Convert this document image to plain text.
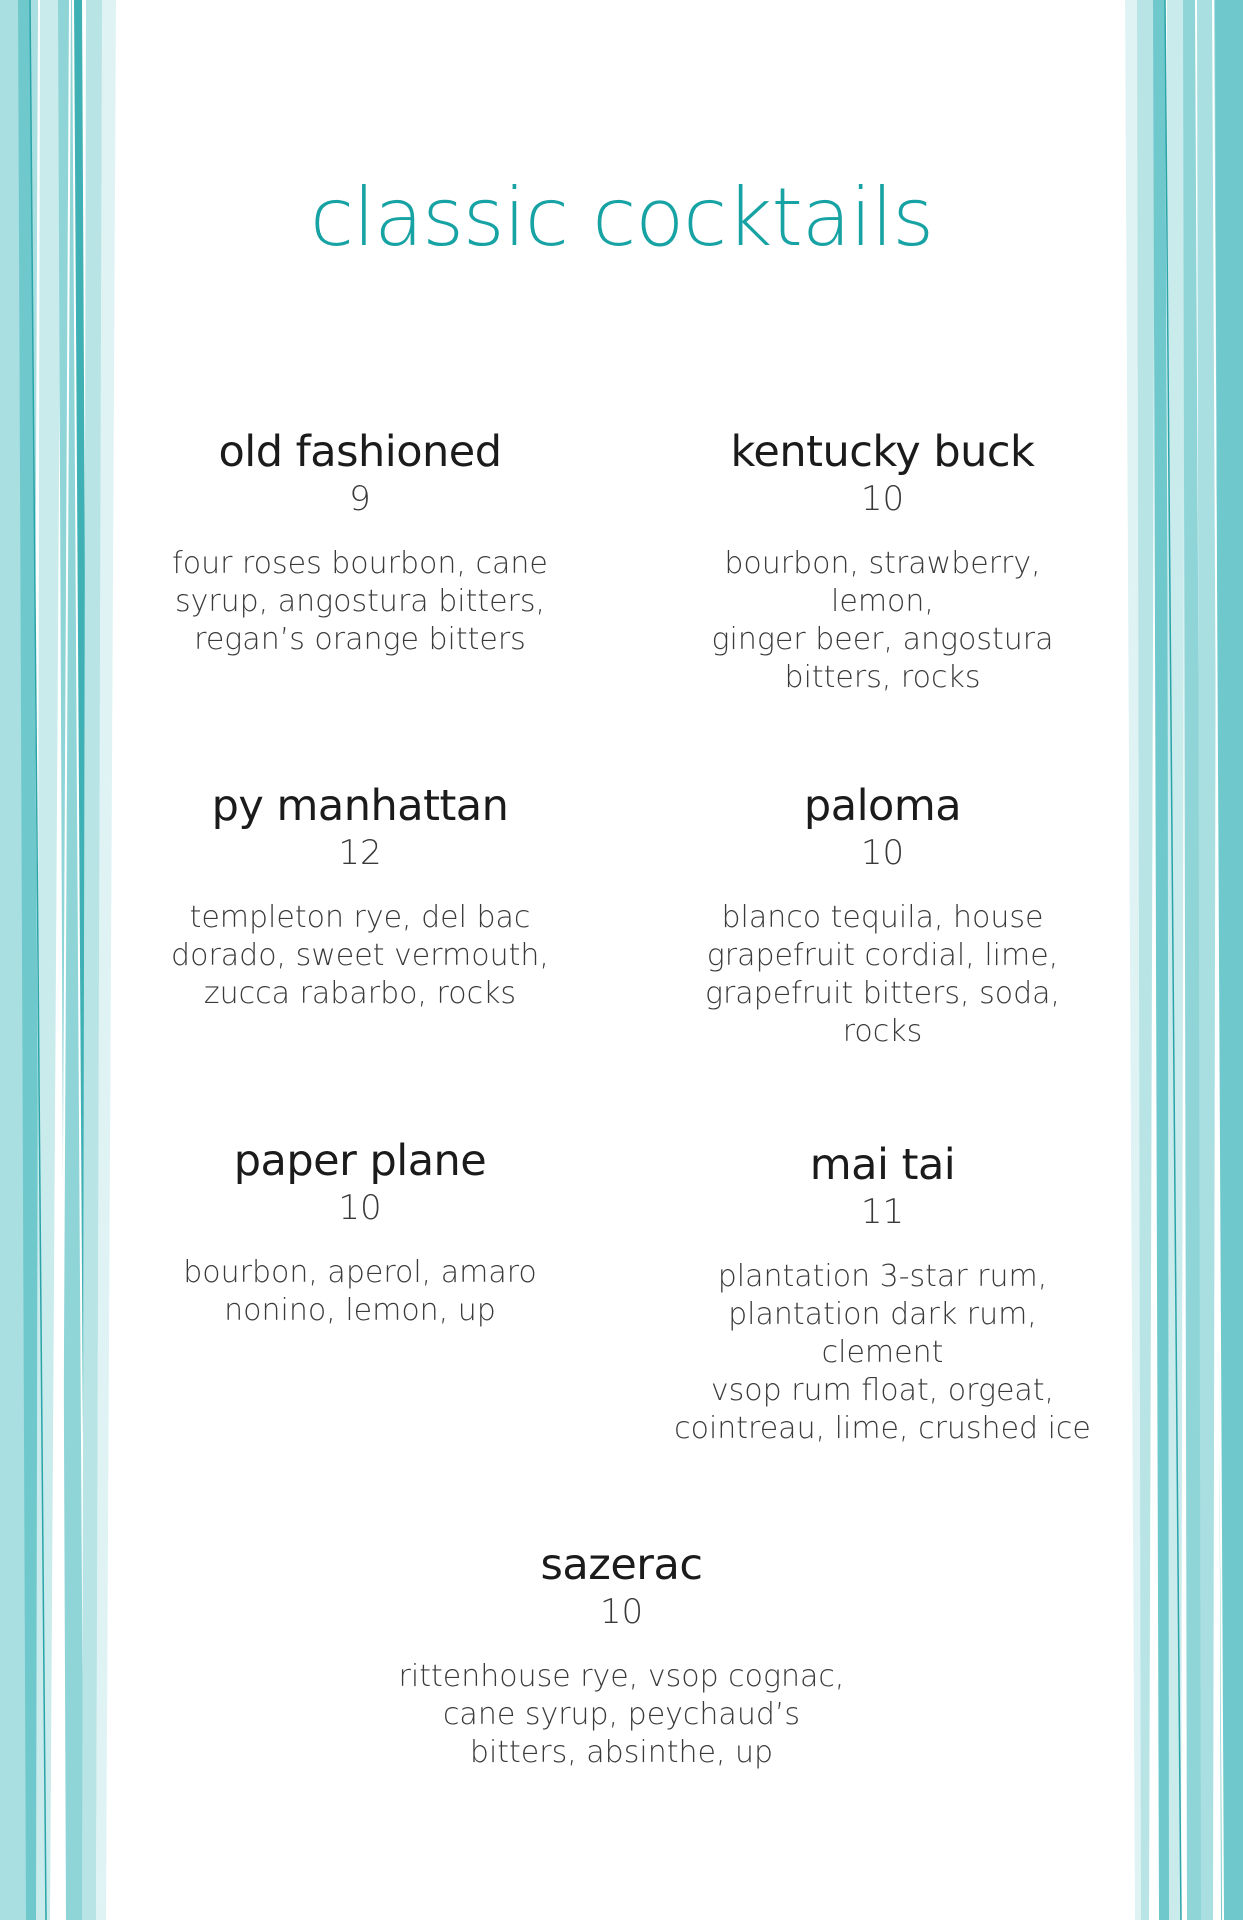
classic cocktails
old fashioned
9
four roses bourbon, cane
syrup, angostura bitters,
regan’s orange bitters
kentucky buck
10
bourbon, strawberry, lemon,
ginger beer, angostura
bitters, rocks
py manhattan
12
templeton rye, del bac
dorado, sweet vermouth,
zucca rabarbo, rocks
paloma
10
blanco tequila, house
grapefruit cordial, lime,
grapefruit bitters, soda, rocks
paper plane
10
bourbon, aperol, amaro
nonino, lemon, up
mai tai
11
plantation 3-star rum,
plantation dark rum, clement
vsop rum float, orgeat,
cointreau, lime, crushed ice
sazerac
10
rittenhouse rye, vsop cognac,
cane syrup, peychaud’s
bitters, absinthe, up
